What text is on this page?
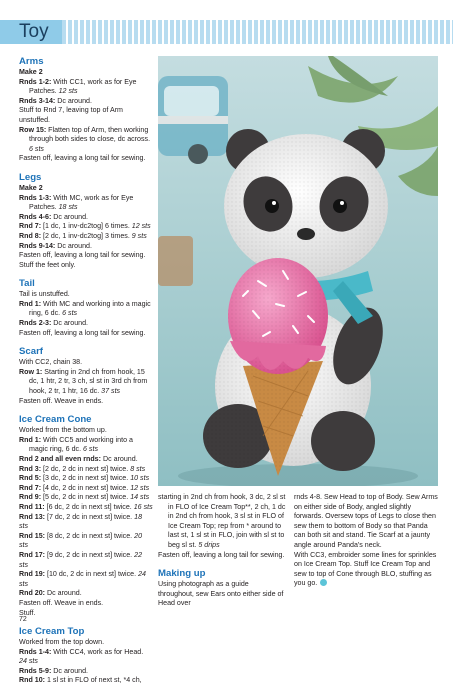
Toy
Arms
Make 2
Rnds 1-2: With CC1, work as for Eye Patches. 12 sts
Rnds 3-14: Dc around.
Stuff to Rnd 7, leaving top of Arm unstuffed.
Row 15: Flatten top of Arm, then working through both sides to close, dc across. 6 sts
Fasten off, leaving a long tail for sewing.
Legs
Make 2
Rnds 1-3: With MC, work as for Eye Patches. 18 sts
Rnds 4-6: Dc around.
Rnd 7: [1 dc, 1 inv-dc2tog] 6 times. 12 sts
Rnd 8: [2 dc, 1 inv-dc2tog] 3 times. 9 sts
Rnds 9-14: Dc around.
Fasten off, leaving a long tail for sewing.
Stuff the feet only.
Tail
Tail is unstuffed.
Rnd 1: With MC and working into a magic ring, 6 dc. 6 sts
Rnds 2-3: Dc around.
Fasten off, leaving a long tail for sewing.
Scarf
With CC2, chain 38.
Row 1: Starting in 2nd ch from hook, 15 dc, 1 htr, 2 tr, 3 ch, sl st in 3rd ch from hook, 2 tr, 1 htr, 16 dc. 37 sts
Fasten off. Weave in ends.
Ice Cream Cone
Worked from the bottom up.
Rnd 1: With CC5 and working into a magic ring, 6 dc. 6 sts
Rnd 2 and all even rnds: Dc around.
Rnd 3: [2 dc, 2 dc in next st] twice. 8 sts
Rnd 5: [3 dc, 2 dc in next st] twice. 10 sts
Rnd 7: [4 dc, 2 dc in next st] twice. 12 sts
Rnd 9: [5 dc, 2 dc in next st] twice. 14 sts
Rnd 11: [6 dc, 2 dc in next st] twice. 16 sts
Rnd 13: [7 dc, 2 dc in next st] twice. 18 sts
Rnd 15: [8 dc, 2 dc in next st] twice. 20 sts
Rnd 17: [9 dc, 2 dc in next st] twice. 22 sts
Rnd 19: [10 dc, 2 dc in next st] twice. 24 sts
Rnd 20: Dc around.
Fasten off. Weave in ends.
Stuff.
Ice Cream Top
Worked from the top down.
Rnds 1-4: With CC4, work as for Head. 24 sts
Rnds 5-9: Dc around.
Rnd 10: 1 sl st in FLO of next st, *4 ch,
starting in 2nd ch from hook, 3 dc, 2 sl st in FLO of Ice Cream Top**, 2 ch, 1 dc in 2nd ch from hook, 3 sl st in FLO of Ice Cream Top; rep from * around to last st, 1 sl st in FLO, join with sl st to beg sl st. 5 drips
Fasten off, leaving a long tail for sewing.
Making up
Using photograph as a guide throughout, sew Ears onto either side of Head over
rnds 4-8. Sew Head to top of Body. Sew Arms on either side of Body, angled slightly forwards. Oversew tops of Legs to close then sew them to bottom of Body so that Panda can both sit and stand. Tie Scarf at a jaunty angle around Panda's neck.
With CC3, embroider some lines for sprinkles on Ice Cream Top. Stuff Ice Cream Top and sew to top of Cone through BLO, stuffing as you go.
72
